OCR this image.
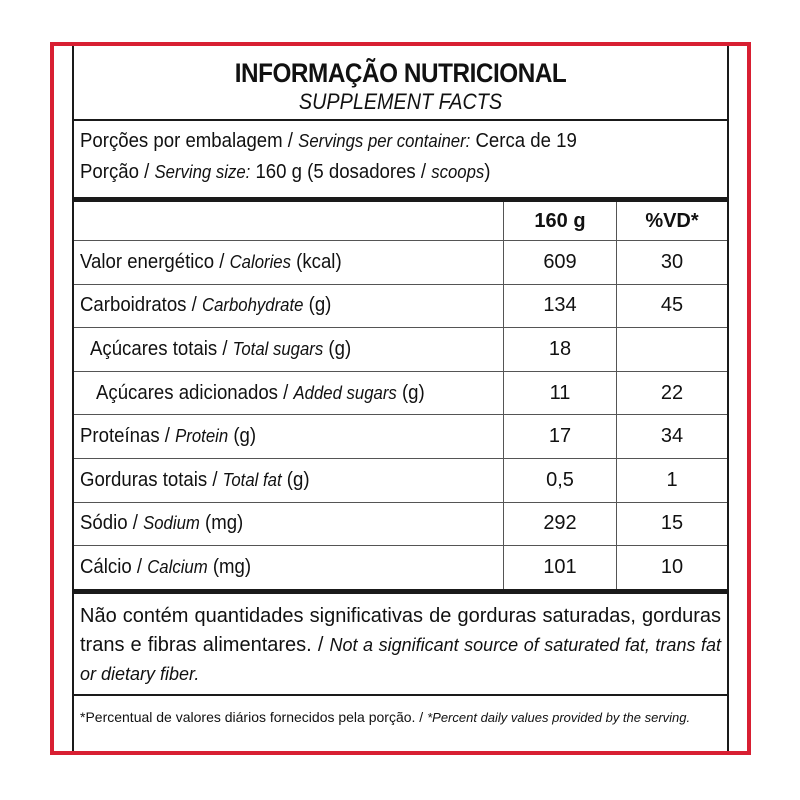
INFORMAÇÃO NUTRICIONAL
SUPPLEMENT FACTS
Porções por embalagem / Servings per container: Cerca de 19
Porção / Serving size: 160 g (5 dosadores / scoops)
	160 g	%VD*
Valor energético / Calories (kcal)	609	30
Carboidratos / Carbohydrate (g)	134	45
Açúcares totais / Total sugars (g)	18	
Açúcares adicionados / Added sugars (g)	11	22
Proteínas / Protein (g)	17	34
Gorduras totais / Total fat (g)	0,5	1
Sódio / Sodium (mg)	292	15
Cálcio / Calcium (mg)	101	10
Não contém quantidades significativas de gorduras saturadas, gorduras trans e fibras alimentares. / Not a significant source of saturated fat, trans fat or dietary fiber.
*Percentual de valores diários fornecidos pela porção. / *Percent daily values provided by the serving.
